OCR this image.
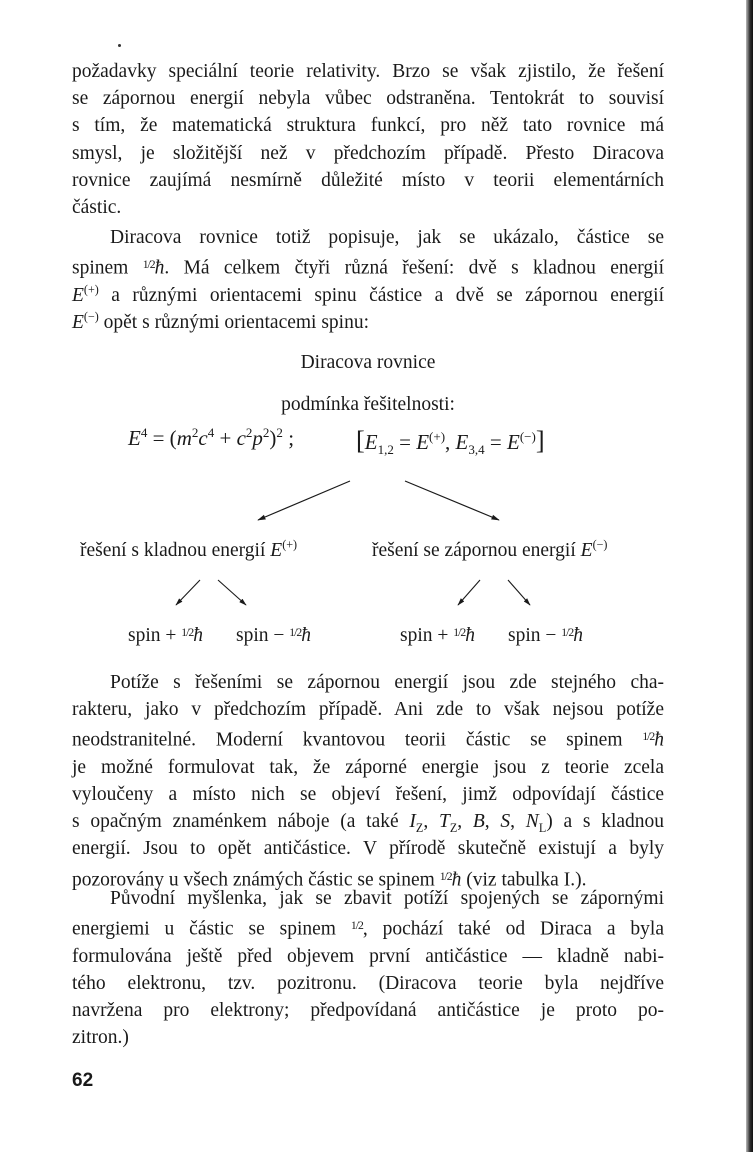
požadavky speciální teorie relativity. Brzo se však zjistilo, že řešení
se zápornou energií nebyla vůbec odstraněna. Tentokrát to souvisí
s tím, že matematická struktura funkcí, pro něž tato rovnice má
smysl, je složitější než v předchozím případě. Přesto Diracova
rovnice zaujímá nesmírně důležité místo v teorii elementárních
částic.
Diracova rovnice totiž popisuje, jak se ukázalo, částice se
spinem 1/2ħ. Má celkem čtyři různá řešení: dvě s kladnou energií
E(+) a různými orientacemi spinu částice a dvě se zápornou energií
E(−) opět s různými orientacemi spinu:
Diracova rovnice
podmínka řešitelnosti:
$E^4 = (m^2c^4 + c^2p^2)^2$ ; [$E_{1,2} = E^{(+)}$, $E_{3,4} = E^{(-)}$]
řešení s kladnou energií E(+)	řešení se zápornou energií E(−)
spin + 1/2ħ spin − 1/2ħ	spin + 1/2ħ spin − 1/2ħ
Potíže s řešeními se zápornou energií jsou zde stejného cha-
rakteru, jako v předchozím případě. Ani zde to však nejsou potíže
neodstranitelné. Moderní kvantovou teorii částic se spinem 1/2ħ
je možné formulovat tak, že záporné energie jsou z teorie zcela
vyloučeny a místo nich se objeví řešení, jimž odpovídají částice
s opačným znaménkem náboje (a také $I_Z$, $T_Z$, B, S, $N_L$) a s kladnou
energií. Jsou to opět antičástice. V přírodě skutečně existují a byly
pozorovány u všech známých částic se spinem 1/2ħ (viz tabulka I.).
Původní myšlenka, jak se zbavit potíží spojených se zápornými
energiemi u částic se spinem 1/2, pochází také od Diraca a byla
formulována ještě před objevem první antičástice — kladně nabi-
tého elektronu, tzv. pozitronu. (Diracova teorie byla nejdříve
navržena pro elektrony; předpovídaná antičástice je proto po-
zitron.)
62
